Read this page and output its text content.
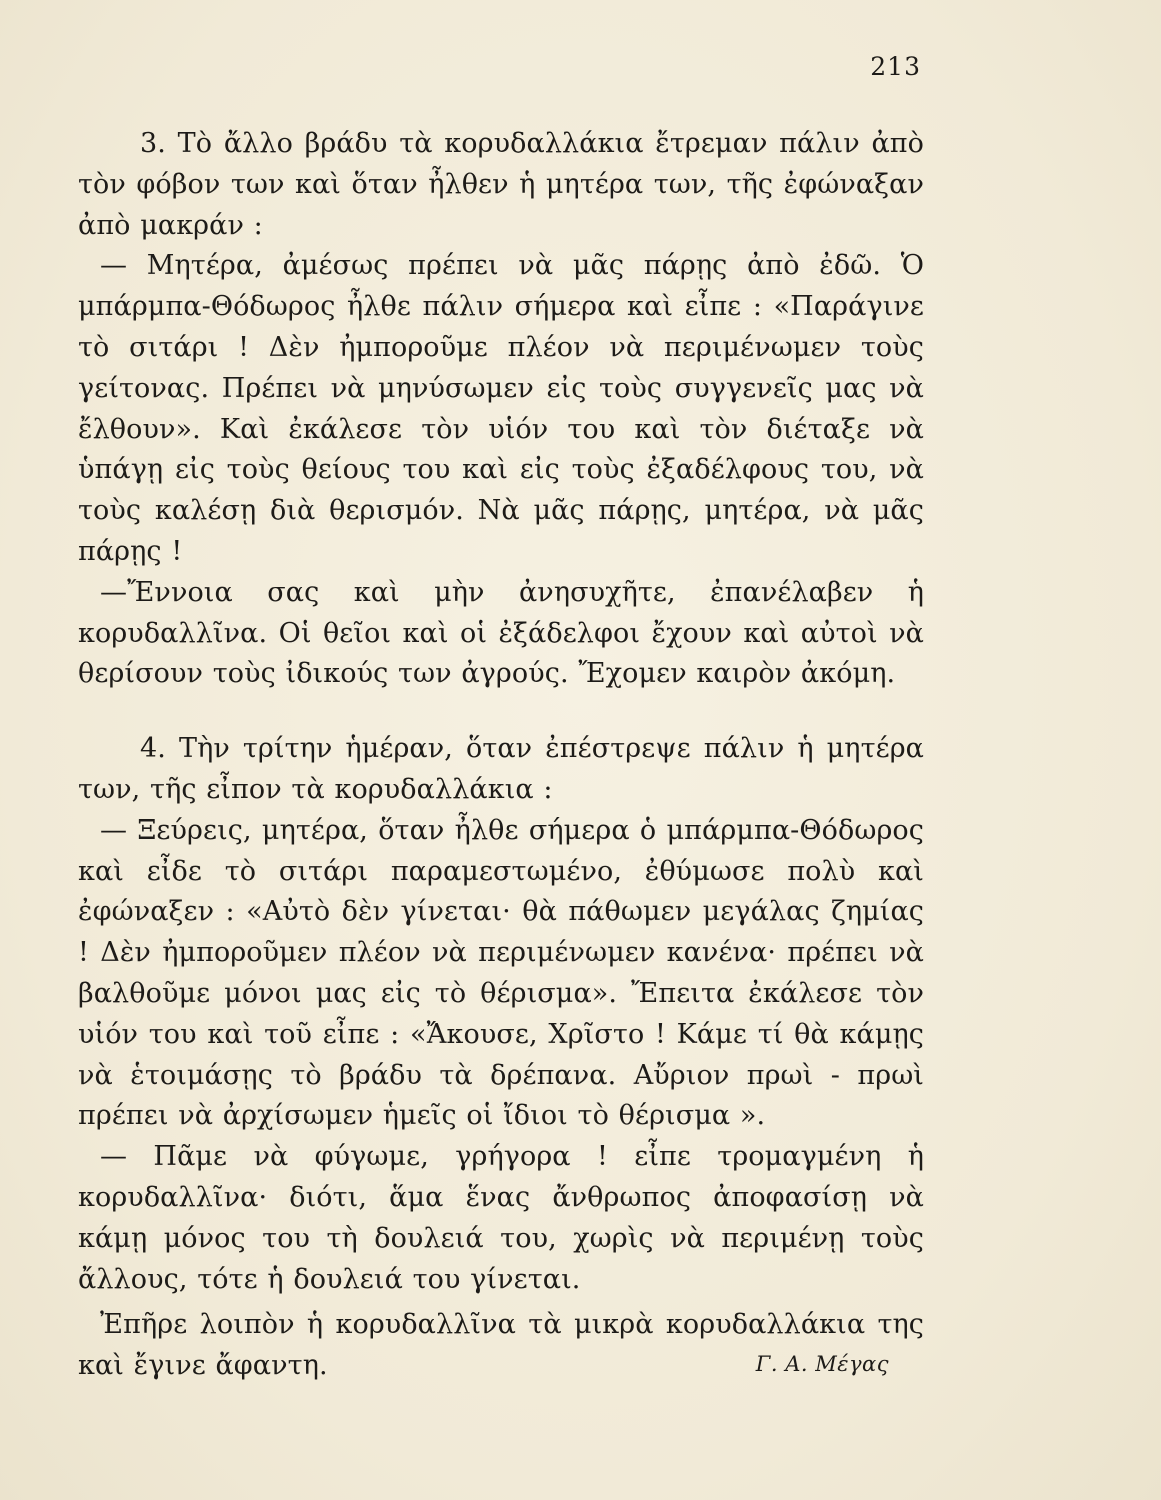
213

3. Τὸ ἄλλο βράδυ τὰ κορυδαλλάκια ἔτρεμαν πάλιν ἀπὸ τὸν φόβον των καὶ ὅταν ἦλθεν ἡ μητέρα των, τῆς ἐφώναξαν ἀπὸ μακράν :

— Μητέρα, ἀμέσως πρέπει νὰ μᾶς πάρῃς ἀπὸ ἐδῶ. Ὁ μπάρμπα-Θόδωρος ἦλθε πάλιν σήμερα καὶ εἶπε : «Παράγινε τὸ σιτάρι ! Δὲν ἠμποροῦμε πλέον νὰ περιμένωμεν τοὺς γείτονας. Πρέπει νὰ μηνύσωμεν εἰς τοὺς συγγενεῖς μας νὰ ἔλθουν». Καὶ ἐκάλεσε τὸν υἱόν του καὶ τὸν διέταξε νὰ ὑπάγῃ εἰς τοὺς θείους του καὶ εἰς τοὺς ἐξαδέλφους του, νὰ τοὺς καλέσῃ διὰ θερισμόν. Νὰ μᾶς πάρῃς, μητέρα, νὰ μᾶς πάρῃς !

—Ἔννοια σας καὶ μὴν ἀνησυχῆτε, ἐπανέλαβεν ἡ κορυδαλλῖνα. Οἱ θεῖοι καὶ οἱ ἐξάδελφοι ἔχουν καὶ αὐτοὶ νὰ θερίσουν τοὺς ἰδικούς των ἀγρούς. Ἔχομεν καιρὸν ἀκόμη.

4. Τὴν τρίτην ἡμέραν, ὅταν ἐπέστρεψε πάλιν ἡ μητέρα των, τῆς εἶπον τὰ κορυδαλλάκια :

— Ξεύρεις, μητέρα, ὅταν ἦλθε σήμερα ὁ μπάρμπα-Θόδωρος καὶ εἶδε τὸ σιτάρι παραμεστωμένο, ἐθύμωσε πολὺ καὶ ἐφώναξεν : «Αὐτὸ δὲν γίνεται· θὰ πάθωμεν μεγάλας ζημίας ! Δὲν ἠμποροῦμεν πλέον νὰ περιμένωμεν κανένα· πρέπει νὰ βαλθοῦμε μόνοι μας εἰς τὸ θέρισμα». Ἔπειτα ἐκάλεσε τὸν υἱόν του καὶ τοῦ εἶπε : «Ἄκουσε, Χρῖστο ! Κάμε τί θὰ κάμῃς νὰ ἑτοιμάσῃς τὸ βράδυ τὰ δρέπανα. Αὔριον πρωὶ - πρωὶ πρέπει νὰ ἀρχίσωμεν ἡμεῖς οἱ ἴδιοι τὸ θέρισμα ».

— Πᾶμε νὰ φύγωμε, γρήγορα ! εἶπε τρομαγμένη ἡ κορυδαλλῖνα· διότι, ἅμα ἕνας ἄνθρωπος ἀποφασίσῃ νὰ κάμῃ μόνος του τὴ δουλειά του, χωρὶς νὰ περιμένῃ τοὺς ἄλλους, τότε ἡ δουλειά του γίνεται.

Ἐπῆρε λοιπὸν ἡ κορυδαλλῖνα τὰ μικρὰ κορυδαλλάκια της καὶ ἔγινε ἄφαντη.	Γ. Α. Μέγας
